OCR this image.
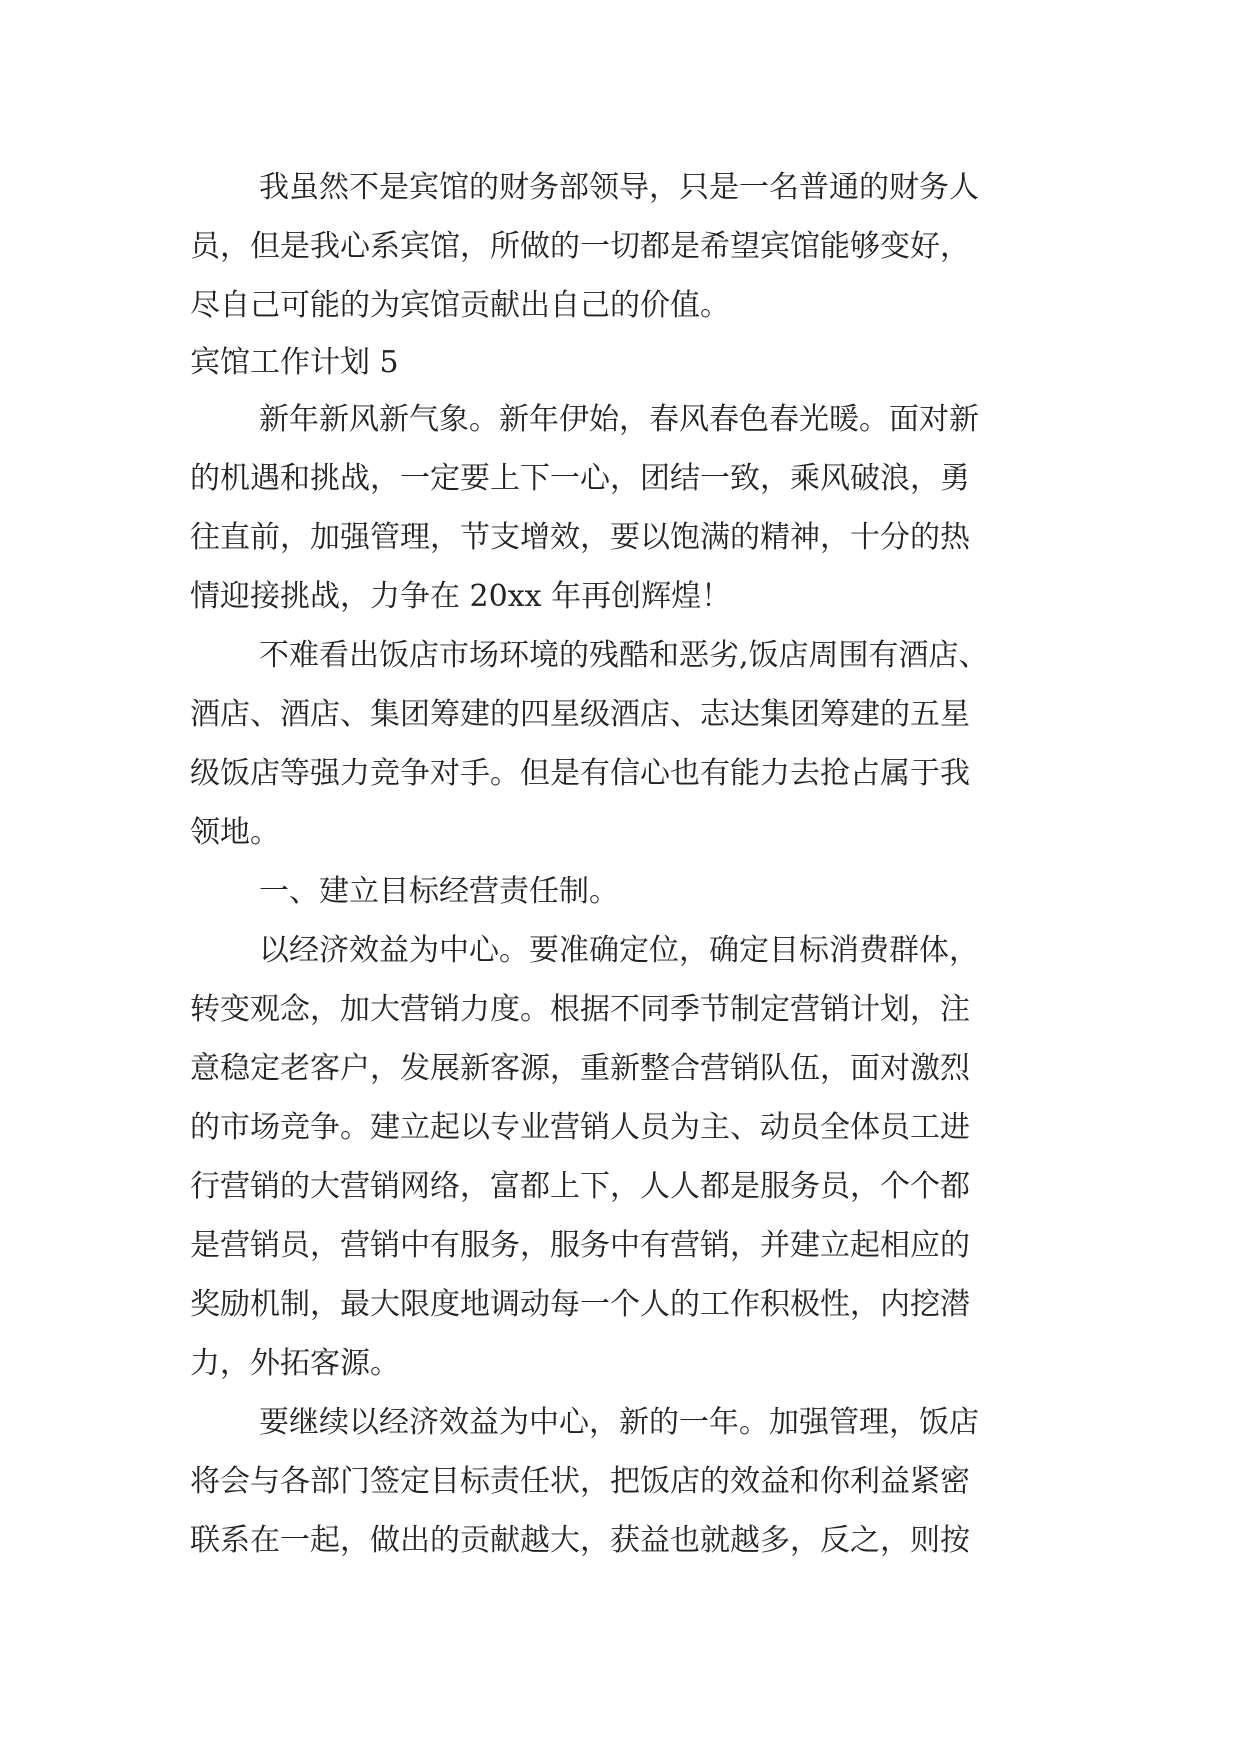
我虽然不是宾馆的财务部领导，只是一名普通的财务人
员，但是我心系宾馆，所做的一切都是希望宾馆能够变好，
尽自己可能的为宾馆贡献出自己的价值。
宾馆工作计划 5
新年新风新气象。新年伊始，春风春色春光暖。面对新
的机遇和挑战，一定要上下一心，团结一致，乘风破浪，勇
往直前，加强管理，节支增效，要以饱满的精神，十分的热
情迎接挑战，力争在 20xx 年再创辉煌！
不难看出饭店市场环境的残酷和恶劣,饭店周围有酒店、
酒店、酒店、集团筹建的四星级酒店、志达集团筹建的五星
级饭店等强力竞争对手。但是有信心也有能力去抢占属于我
领地。
一、建立目标经营责任制。
以经济效益为中心。要准确定位，确定目标消费群体，
转变观念，加大营销力度。根据不同季节制定营销计划，注
意稳定老客户，发展新客源，重新整合营销队伍，面对激烈
的市场竞争。建立起以专业营销人员为主、动员全体员工进
行营销的大营销网络，富都上下，人人都是服务员，个个都
是营销员，营销中有服务，服务中有营销，并建立起相应的
奖励机制，最大限度地调动每一个人的工作积极性，内挖潜
力，外拓客源。
要继续以经济效益为中心，新的一年。加强管理，饭店
将会与各部门签定目标责任状，把饭店的效益和你利益紧密
联系在一起，做出的贡献越大，获益也就越多，反之，则按
